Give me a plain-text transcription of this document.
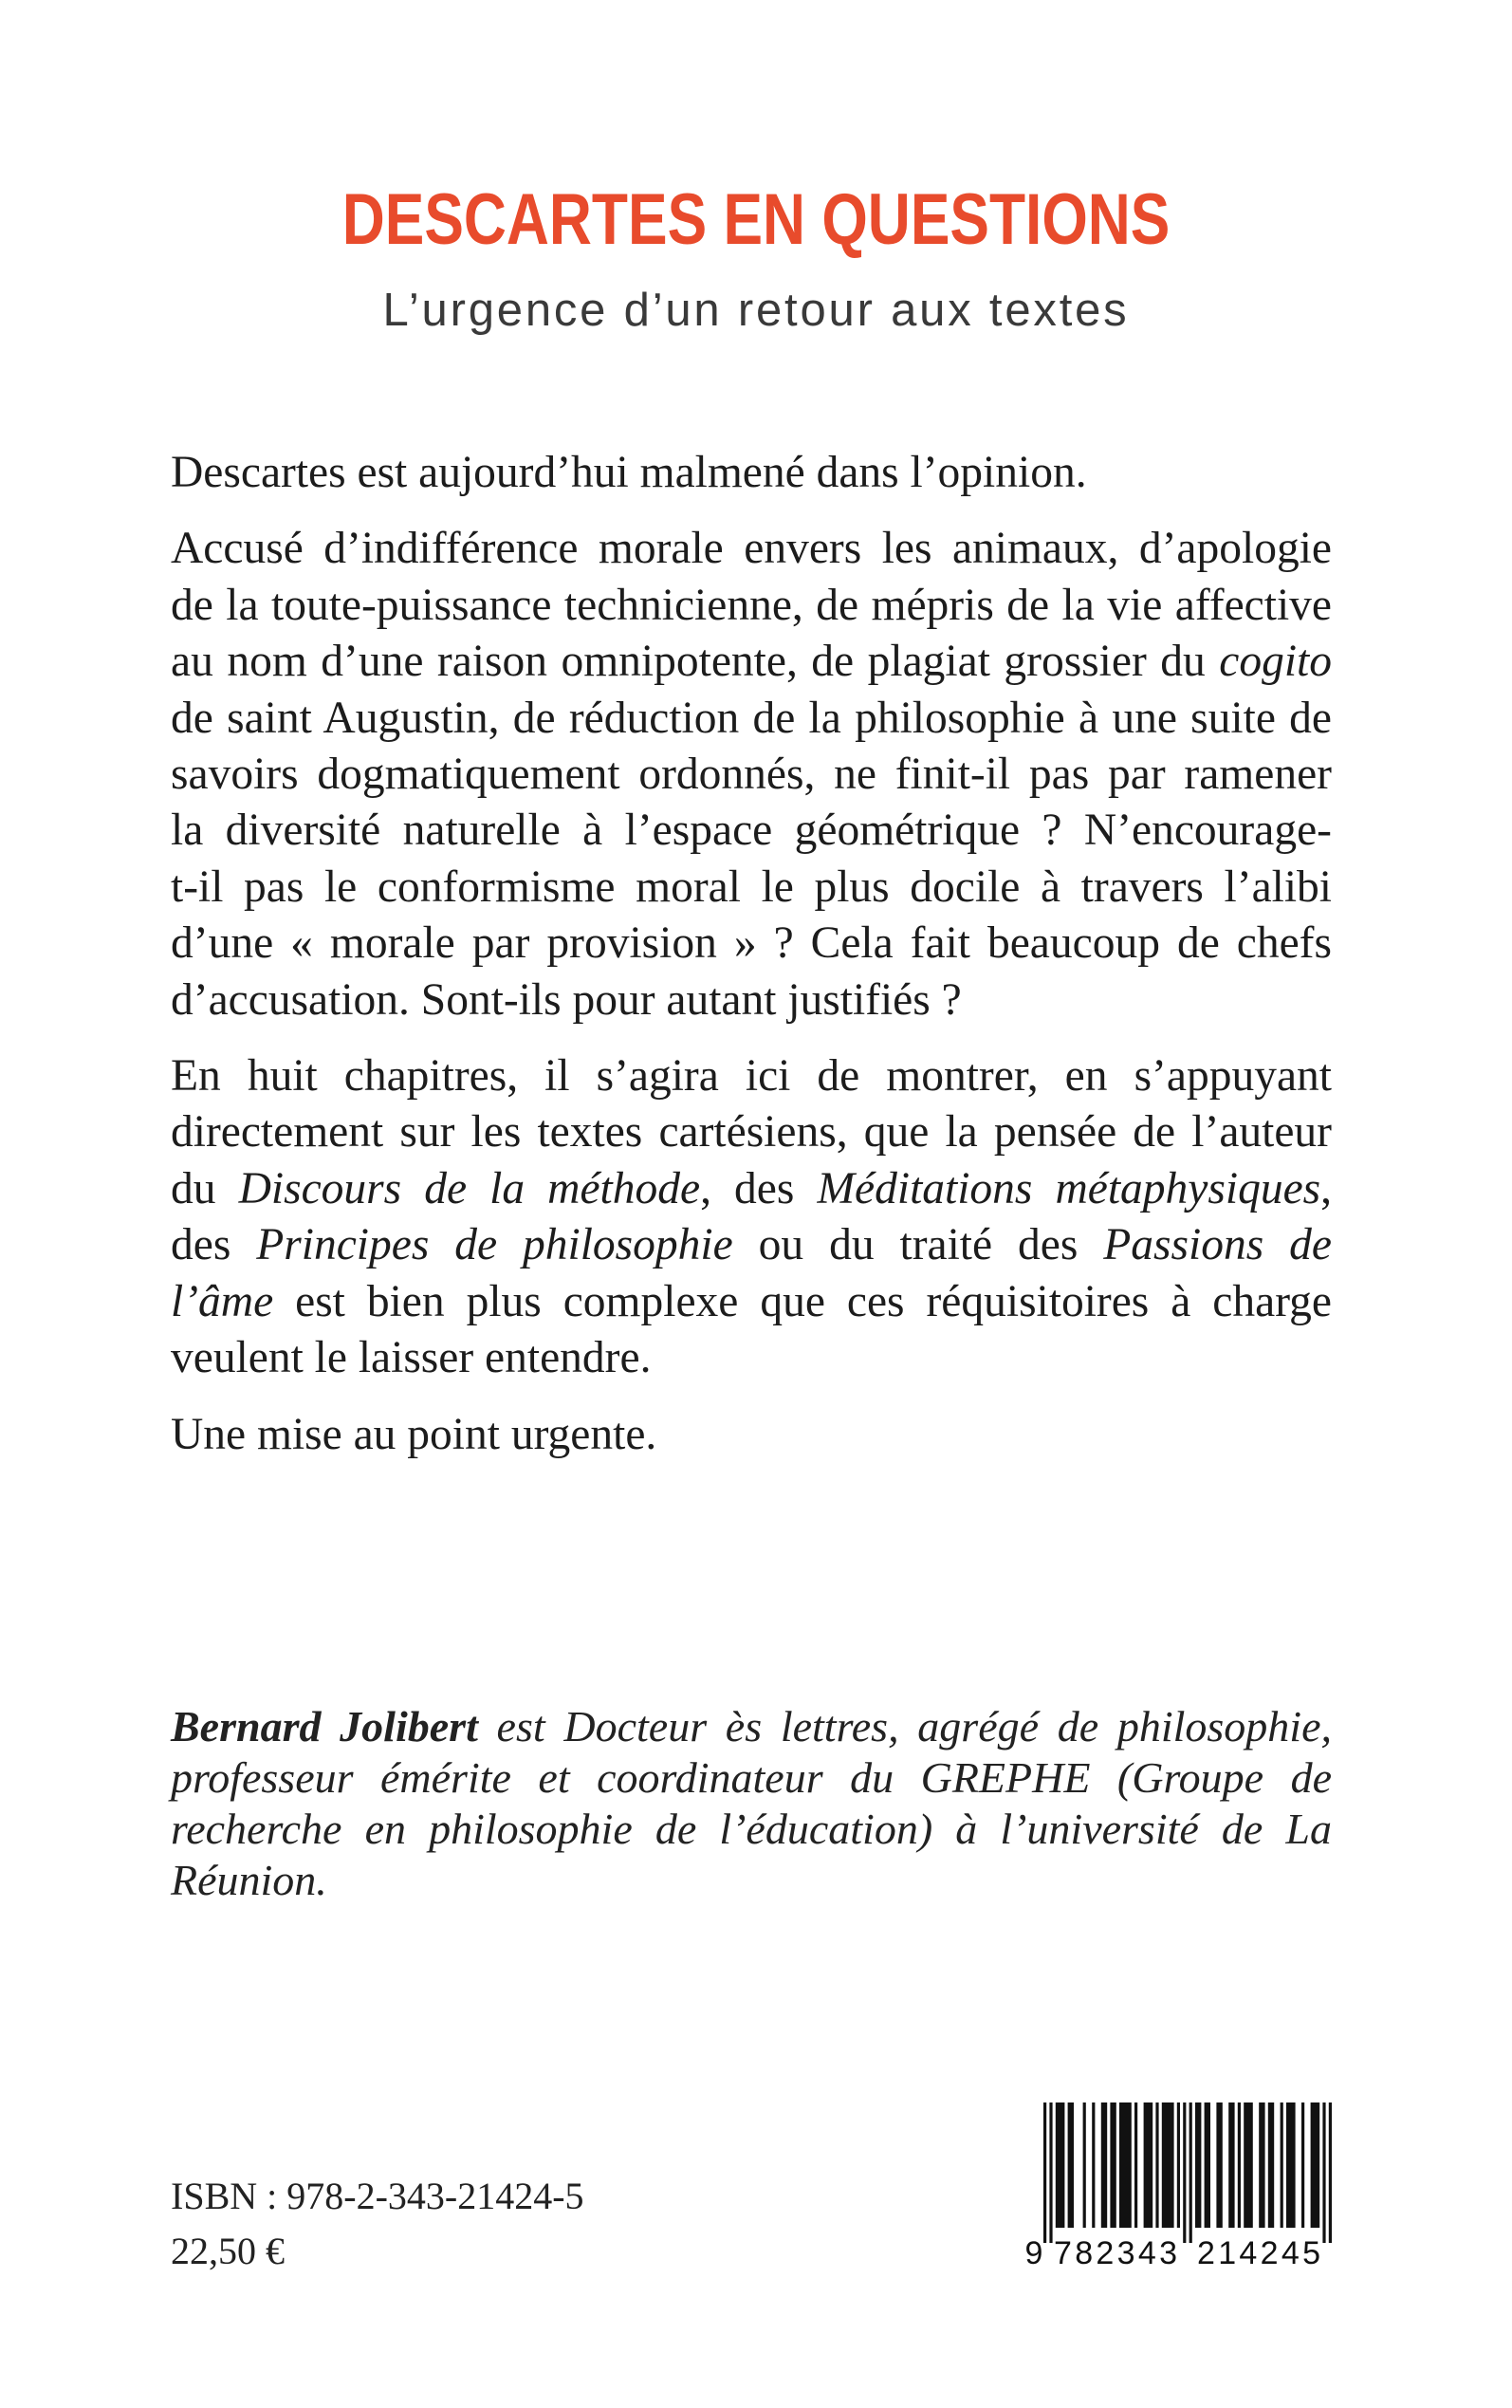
DESCARTES EN QUESTIONS
L’urgence d’un retour aux textes
Descartes est aujourd’hui malmené dans l’opinion.
Accusé d’indifférence morale envers les animaux, d’apologie
de la toute-puissance technicienne, de mépris de la vie affective
au nom d’une raison omnipotente, de plagiat grossier du cogito
de saint Augustin, de réduction de la philosophie à une suite de
savoirs dogmatiquement ordonnés, ne finit-il pas par ramener
la diversité naturelle à l’espace géométrique ? N’encourage-
t-il pas le conformisme moral le plus docile à travers l’alibi
d’une « morale par provision » ? Cela fait beaucoup de chefs
d’accusation. Sont-ils pour autant justifiés ?
En huit chapitres, il s’agira ici de montrer, en s’appuyant
directement sur les textes cartésiens, que la pensée de l’auteur
du Discours de la méthode, des Méditations métaphysiques,
des Principes de philosophie ou du traité des Passions de
l’âme est bien plus complexe que ces réquisitoires à charge
veulent le laisser entendre.
Une mise au point urgente.
Bernard Jolibert est Docteur ès lettres, agrégé de philosophie,
professeur émérite et coordinateur du GREPHE (Groupe de
recherche en philosophie de l’éducation) à l’université de La
Réunion.
ISBN : 978-2-343-21424-5
22,50 €	9 782343 214245
